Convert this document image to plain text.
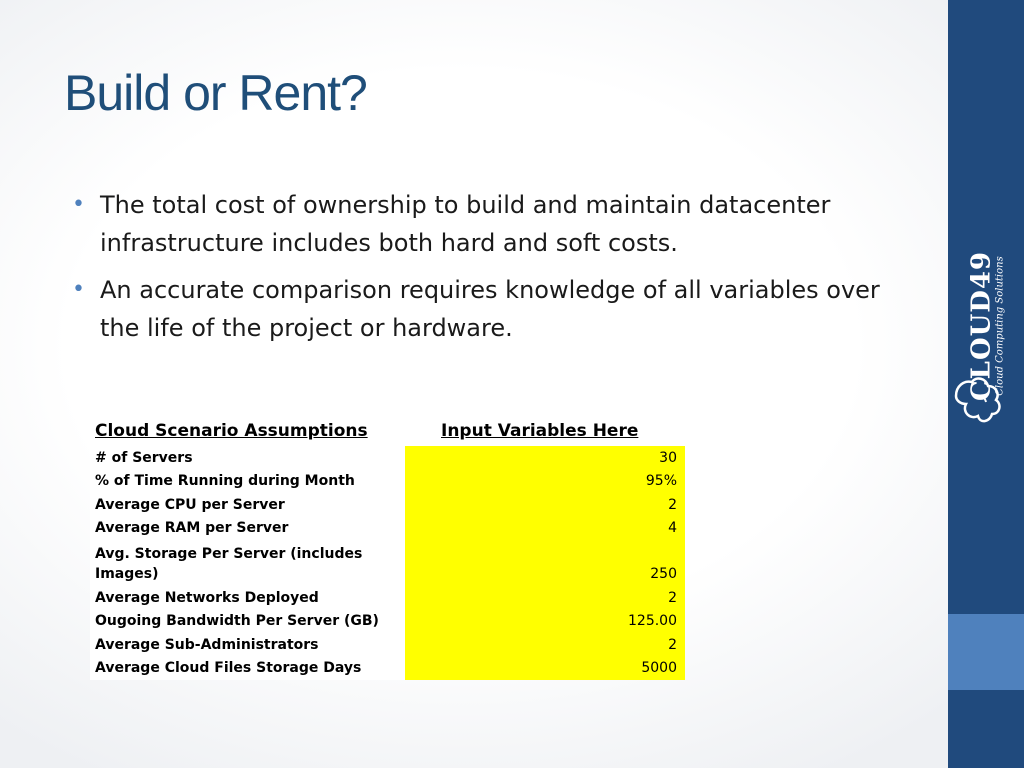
Build or Rent?
• The total cost of ownership to build and maintain datacenter infrastructure includes both hard and soft costs.
• An accurate comparison requires knowledge of all variables over the life of the project or hardware.
Cloud Scenario Assumptions	Input Variables Here
# of Servers	30
% of Time Running during Month	95%
Average CPU per Server	2
Average RAM per Server	4
Avg. Storage Per Server (includes Images)	250
Average Networks Deployed	2
Ougoing Bandwidth Per Server (GB)	125.00
Average Sub-Administrators	2
Average Cloud Files Storage Days	5000
CLOUD49
Cloud Computing Solutions
